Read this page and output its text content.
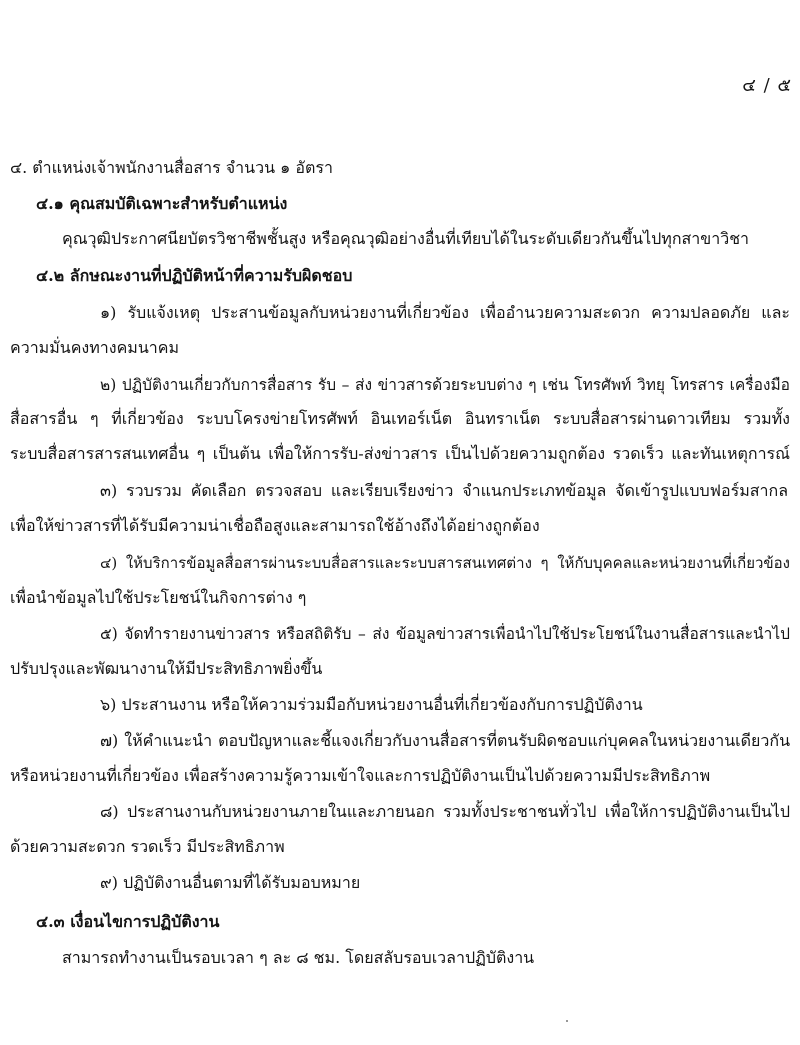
๔ / ๕
๔. ตำแหน่งเจ้าพนักงานสื่อสาร จำนวน ๑ อัตรา
๔.๑ คุณสมบัติเฉพาะสำหรับตำแหน่ง
คุณวุฒิประกาศนียบัตรวิชาชีพชั้นสูง หรือคุณวุฒิอย่างอื่นที่เทียบได้ในระดับเดียวกันขึ้นไปทุกสาขาวิชา
๔.๒ ลักษณะงานที่ปฏิบัติหน้าที่ความรับผิดชอบ
๑) รับแจ้งเหตุ ประสานข้อมูลกับหน่วยงานที่เกี่ยวข้อง เพื่ออำนวยความสะดวก ความปลอดภัย และ
ความมั่นคงทางคมนาคม
๒) ปฏิบัติงานเกี่ยวกับการสื่อสาร รับ – ส่ง ข่าวสารด้วยระบบต่าง ๆ เช่น โทรศัพท์ วิทยุ โทรสาร เครื่องมือ
สื่อสารอื่น ๆ ที่เกี่ยวข้อง ระบบโครงข่ายโทรศัพท์ อินเทอร์เน็ต อินทราเน็ต ระบบสื่อสารผ่านดาวเทียม รวมทั้ง
ระบบสื่อสารสารสนเทศอื่น ๆ เป็นต้น เพื่อให้การรับ-ส่งข่าวสาร เป็นไปด้วยความถูกต้อง รวดเร็ว และทันเหตุการณ์
๓) รวบรวม คัดเลือก ตรวจสอบ และเรียบเรียงข่าว จำแนกประเภทข้อมูล จัดเข้ารูปแบบฟอร์มสากล
เพื่อให้ข่าวสารที่ได้รับมีความน่าเชื่อถือสูงและสามารถใช้อ้างถึงได้อย่างถูกต้อง
๔) ให้บริการข้อมูลสื่อสารผ่านระบบสื่อสารและระบบสารสนเทศต่าง ๆ ให้กับบุคคลและหน่วยงานที่เกี่ยวข้อง
เพื่อนำข้อมูลไปใช้ประโยชน์ในกิจการต่าง ๆ
๕) จัดทำรายงานข่าวสาร หรือสถิติรับ – ส่ง ข้อมูลข่าวสารเพื่อนำไปใช้ประโยชน์ในงานสื่อสารและนำไป
ปรับปรุงและพัฒนางานให้มีประสิทธิภาพยิ่งขึ้น
๖) ประสานงาน หรือให้ความร่วมมือกับหน่วยงานอื่นที่เกี่ยวข้องกับการปฏิบัติงาน
๗) ให้คำแนะนำ ตอบปัญหาและชี้แจงเกี่ยวกับงานสื่อสารที่ตนรับผิดชอบแก่บุคคลในหน่วยงานเดียวกัน
หรือหน่วยงานที่เกี่ยวข้อง เพื่อสร้างความรู้ความเข้าใจและการปฏิบัติงานเป็นไปด้วยความมีประสิทธิภาพ
๘) ประสานงานกับหน่วยงานภายในและภายนอก รวมทั้งประชาชนทั่วไป เพื่อให้การปฏิบัติงานเป็นไป
ด้วยความสะดวก รวดเร็ว มีประสิทธิภาพ
๙) ปฏิบัติงานอื่นตามที่ได้รับมอบหมาย
๔.๓ เงื่อนไขการปฏิบัติงาน
สามารถทำงานเป็นรอบเวลา ๆ ละ ๘ ชม. โดยสลับรอบเวลาปฏิบัติงาน
